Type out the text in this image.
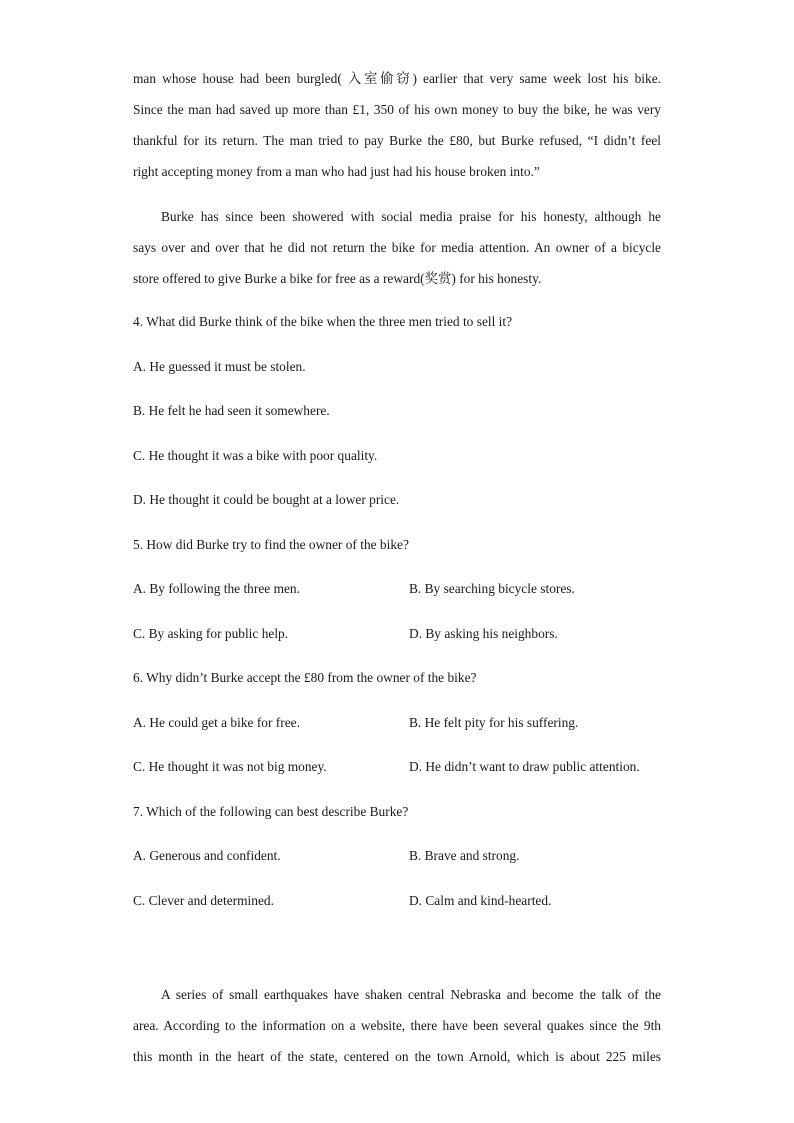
man whose house had been burgled( 入室偷窃) earlier that very same week lost his bike.

Since the man had saved up more than £1, 350 of his own money to buy the bike, he was very

thankful for its return. The man tried to pay Burke the £80, but Burke refused, “I didn’t feel

right accepting money from a man who had just had his house broken into.”

Burke has since been showered with social media praise for his honesty, although he

says over and over that he did not return the bike for media attention. An owner of a bicycle

store offered to give Burke a bike for free as a reward(奖赏) for his honesty.

4. What did Burke think of the bike when the three men tried to sell it?
A. He guessed it must be stolen.
B. He felt he had seen it somewhere.
C. He thought it was a bike with poor quality.
D. He thought it could be bought at a lower price.
5. How did Burke try to find the owner of the bike?
A. By following the three men.	B. By searching bicycle stores.
C. By asking for public help.	D. By asking his neighbors.
6. Why didn’t Burke accept the £80 from the owner of the bike?
A. He could get a bike for free.	B. He felt pity for his suffering.
C. He thought it was not big money.	D. He didn’t want to draw public attention.
7. Which of the following can best describe Burke?
A. Generous and confident.	B. Brave and strong.
C. Clever and determined.	D. Calm and kind-hearted.

A series of small earthquakes have shaken central Nebraska and become the talk of the

area. According to the information on a website, there have been several quakes since the 9th

this month in the heart of the state, centered on the town Arnold, which is about 225 miles
